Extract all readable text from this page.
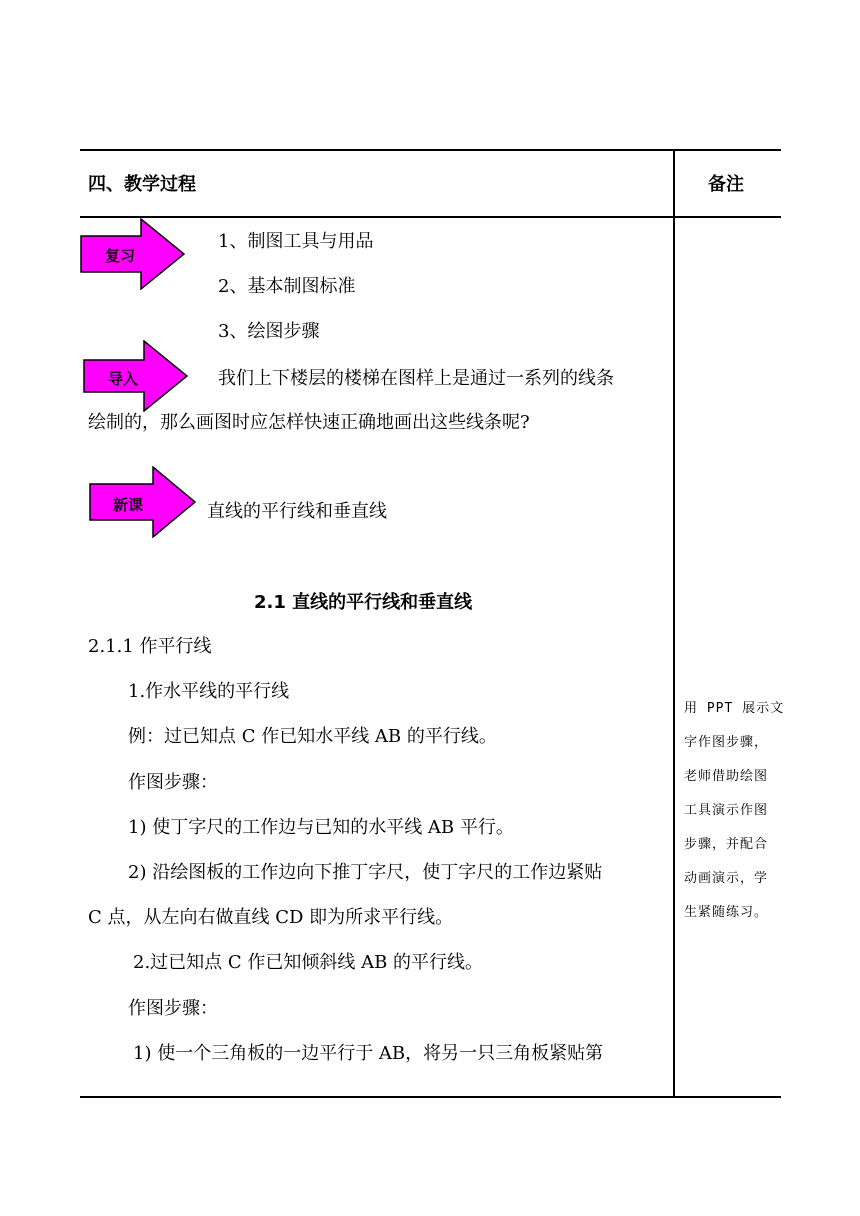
四、教学过程	备注
复习
导入
新课
1、制图工具与用品
2、基本制图标准
3、绘图步骤
我们上下楼层的楼梯在图样上是通过一系列的线条
绘制的，那么画图时应怎样快速正确地画出这些线条呢?
直线的平行线和垂直线
2.1 直线的平行线和垂直线
2.1.1 作平行线
1.作水平线的平行线
例：过已知点 C 作已知水平线 AB 的平行线。
作图步骤：
1) 使丁字尺的工作边与已知的水平线 AB 平行。
2) 沿绘图板的工作边向下推丁字尺，使丁字尺的工作边紧贴
C 点，从左向右做直线 CD 即为所求平行线。
2.过已知点 C 作已知倾斜线 AB 的平行线。
作图步骤：
1) 使一个三角板的一边平行于 AB，将另一只三角板紧贴第
用 PPT 展示文
字作图步骤，
老师借助绘图
工具演示作图
步骤，并配合
动画演示，学
生紧随练习。
